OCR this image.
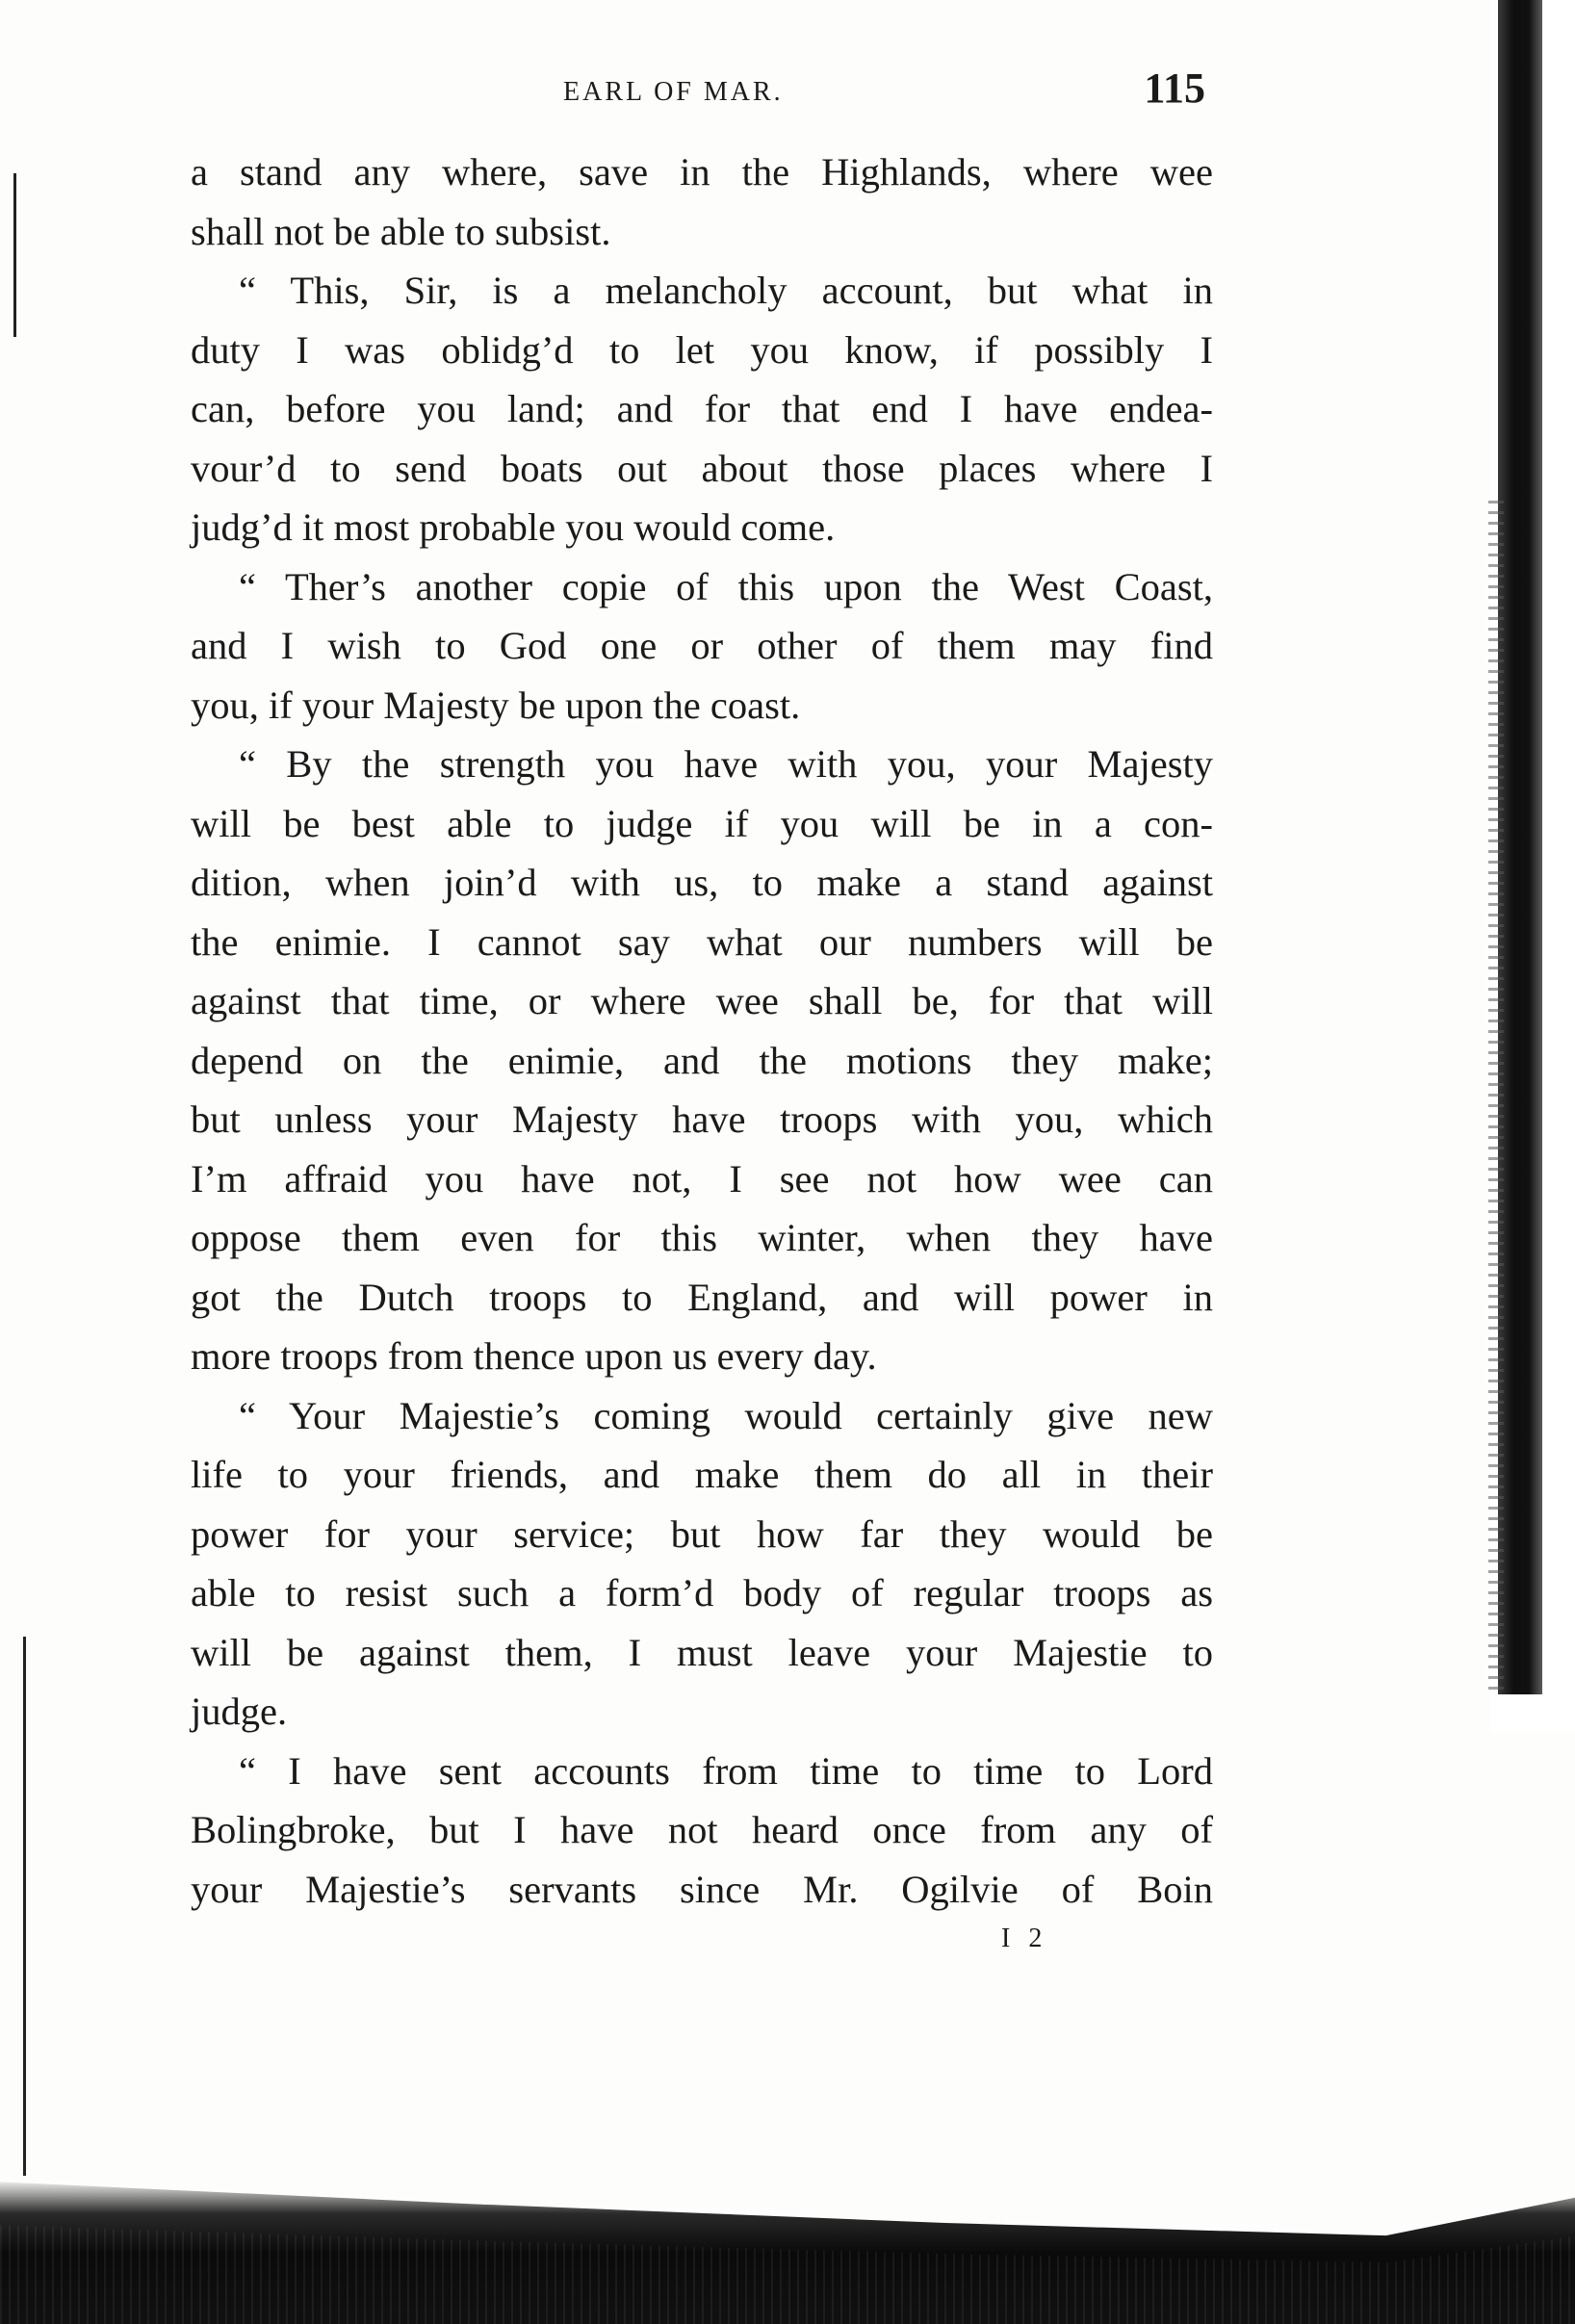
EARL OF MAR.	115
a stand any where, save in the Highlands, where wee
shall not be able to subsist.
“ This, Sir, is a melancholy account, but what in
duty I was oblidg’d to let you know, if possibly I
can, before you land; and for that end I have endea-
vour’d to send boats out about those places where I
judg’d it most probable you would come.
“ Ther’s another copie of this upon the West Coast,
and I wish to God one or other of them may find
you, if your Majesty be upon the coast.
“ By the strength you have with you, your Majesty
will be best able to judge if you will be in a con-
dition, when join’d with us, to make a stand against
the enimie. I cannot say what our numbers will be
against that time, or where wee shall be, for that will
depend on the enimie, and the motions they make;
but unless your Majesty have troops with you, which
I’m affraid you have not, I see not how wee can
oppose them even for this winter, when they have
got the Dutch troops to England, and will power in
more troops from thence upon us every day.
“ Your Majestie’s coming would certainly give new
life to your friends, and make them do all in their
power for your service; but how far they would be
able to resist such a form’d body of regular troops as
will be against them, I must leave your Majestie to
judge.
“ I have sent accounts from time to time to Lord
Bolingbroke, but I have not heard once from any of
your Majestie’s servants since Mr. Ogilvie of Boin
I 2
